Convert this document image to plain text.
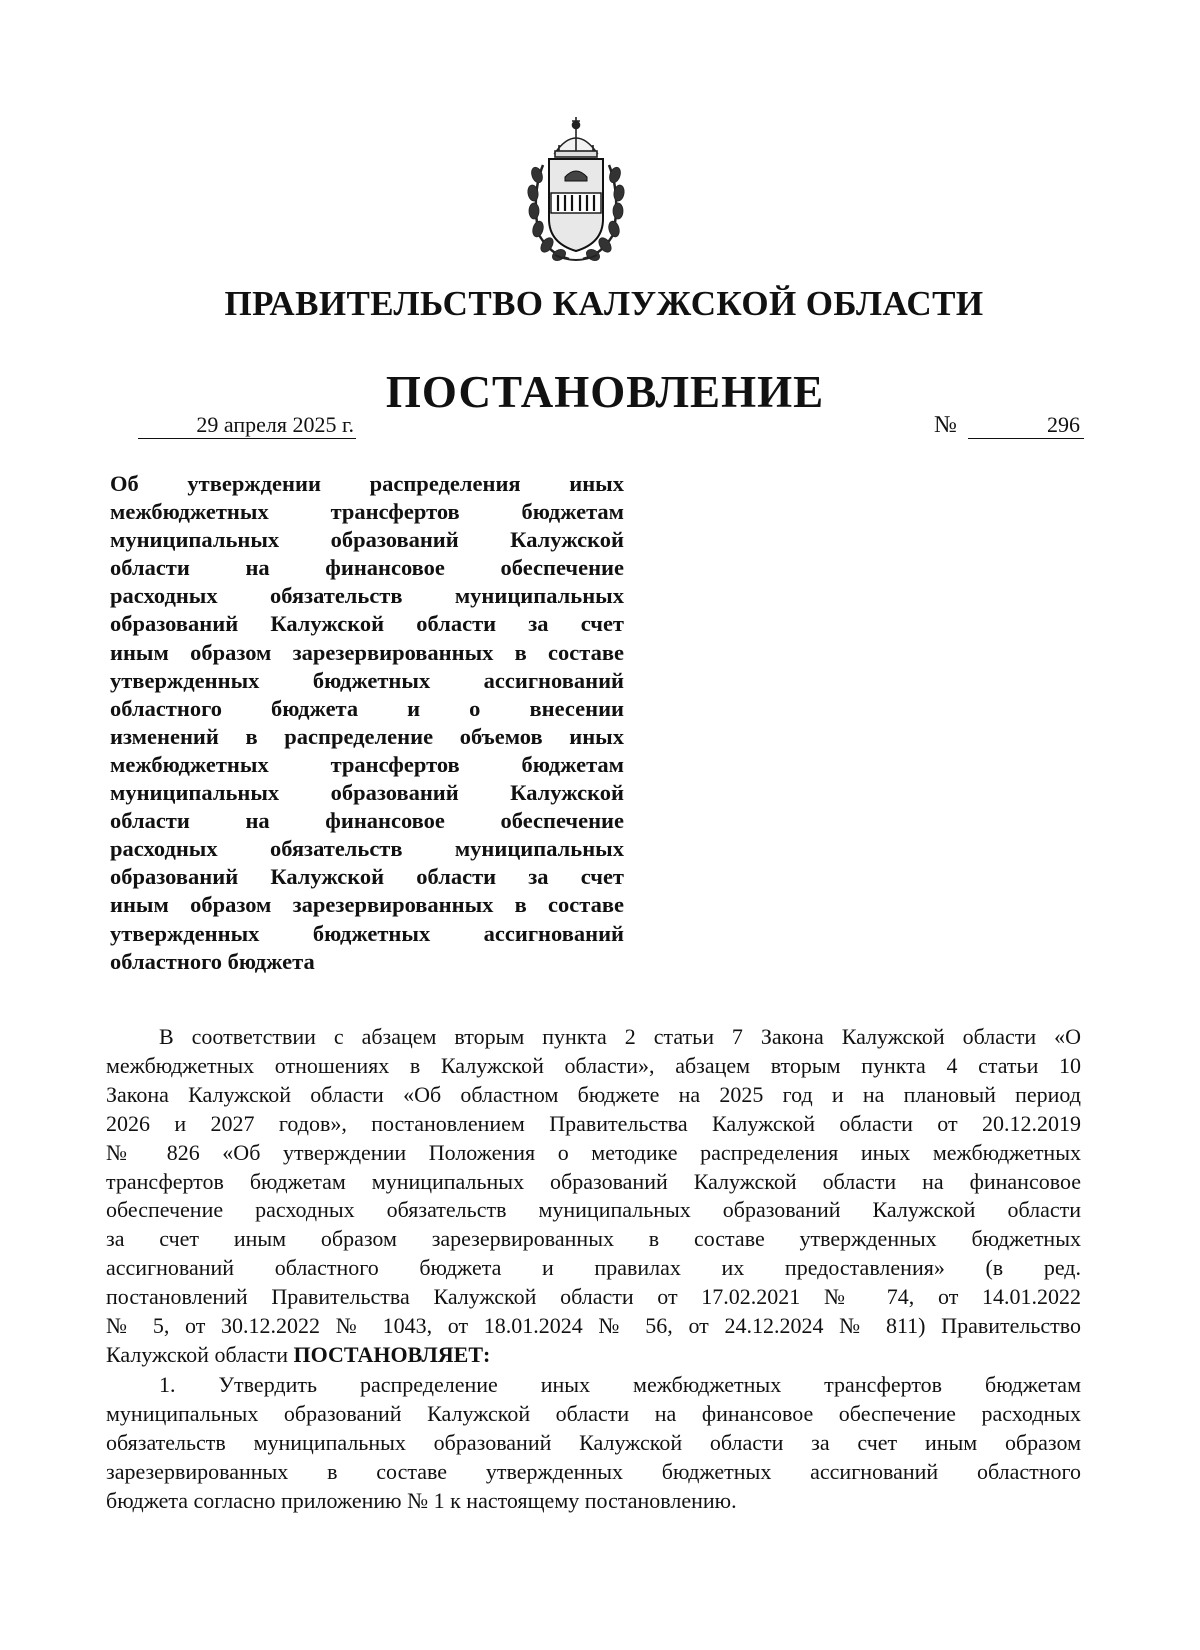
ПРАВИТЕЛЬСТВО КАЛУЖСКОЙ ОБЛАСТИ
ПОСТАНОВЛЕНИЕ
29 апреля 2025 г.	№	296
Об утверждении распределения иных
межбюджетных трансфертов бюджетам
муниципальных образований Калужской
области на финансовое обеспечение
расходных обязательств муниципальных
образований Калужской области за счет
иным образом зарезервированных в составе
утвержденных бюджетных ассигнований
областного бюджета и о внесении
изменений в распределение объемов иных
межбюджетных трансфертов бюджетам
муниципальных образований Калужской
области на финансовое обеспечение
расходных обязательств муниципальных
образований Калужской области за счет
иным образом зарезервированных в составе
утвержденных бюджетных ассигнований
областного бюджета
В соответствии с абзацем вторым пункта 2 статьи 7 Закона Калужской области «О
межбюджетных отношениях в Калужской области», абзацем вторым пункта 4 статьи 10
Закона Калужской области «Об областном бюджете на 2025 год и на плановый период
2026 и 2027 годов», постановлением Правительства Калужской области от 20.12.2019
№ 826 «Об утверждении Положения о методике распределения иных межбюджетных
трансфертов бюджетам муниципальных образований Калужской области на финансовое
обеспечение расходных обязательств муниципальных образований Калужской области
за счет иным образом зарезервированных в составе утвержденных бюджетных
ассигнований областного бюджета и правилах их предоставления» (в ред.
постановлений Правительства Калужской области от 17.02.2021 № 74, от 14.01.2022
№ 5, от 30.12.2022 № 1043, от 18.01.2024 № 56, от 24.12.2024 № 811) Правительство
Калужской области ПОСТАНОВЛЯЕТ:
1. Утвердить распределение иных межбюджетных трансфертов бюджетам
муниципальных образований Калужской области на финансовое обеспечение расходных
обязательств муниципальных образований Калужской области за счет иным образом
зарезервированных в составе утвержденных бюджетных ассигнований областного
бюджета согласно приложению № 1 к настоящему постановлению.
